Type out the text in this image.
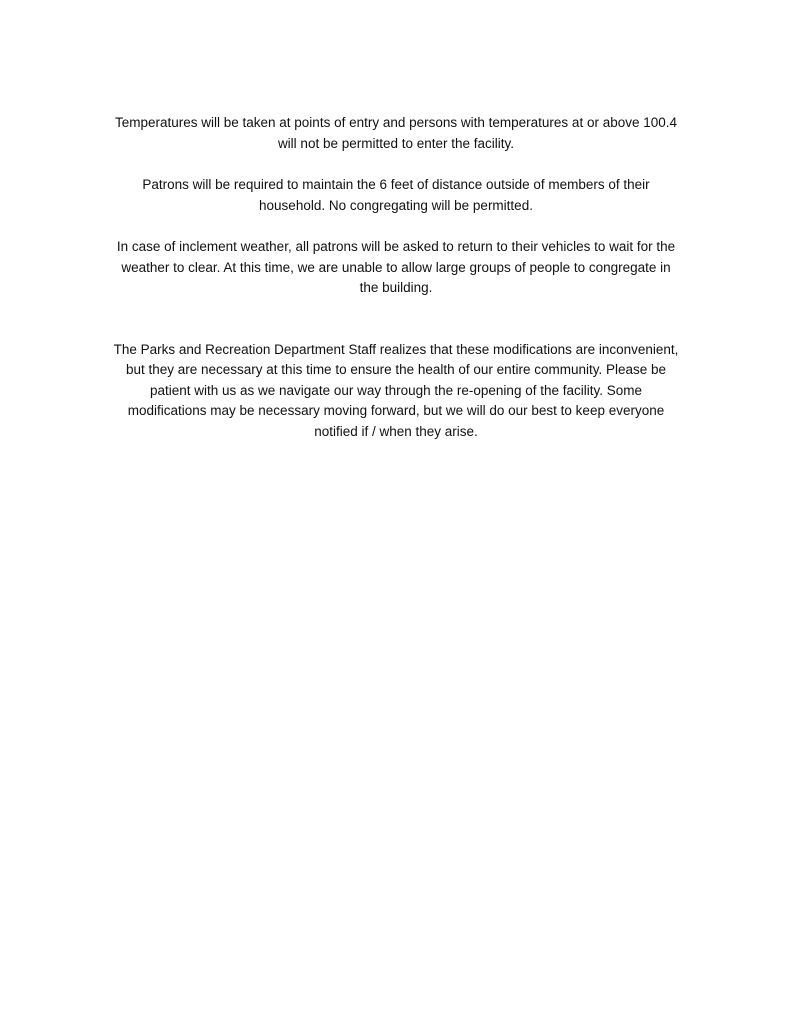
Temperatures will be taken at points of entry and persons with temperatures at or above 100.4
will not be permitted to enter the facility.

Patrons will be required to maintain the 6 feet of distance outside of members of their
household. No congregating will be permitted.

In case of inclement weather, all patrons will be asked to return to their vehicles to wait for the
weather to clear. At this time, we are unable to allow large groups of people to congregate in
the building.

The Parks and Recreation Department Staff realizes that these modifications are inconvenient,
but they are necessary at this time to ensure the health of our entire community. Please be
patient with us as we navigate our way through the re-opening of the facility. Some
modifications may be necessary moving forward, but we will do our best to keep everyone
notified if / when they arise.
